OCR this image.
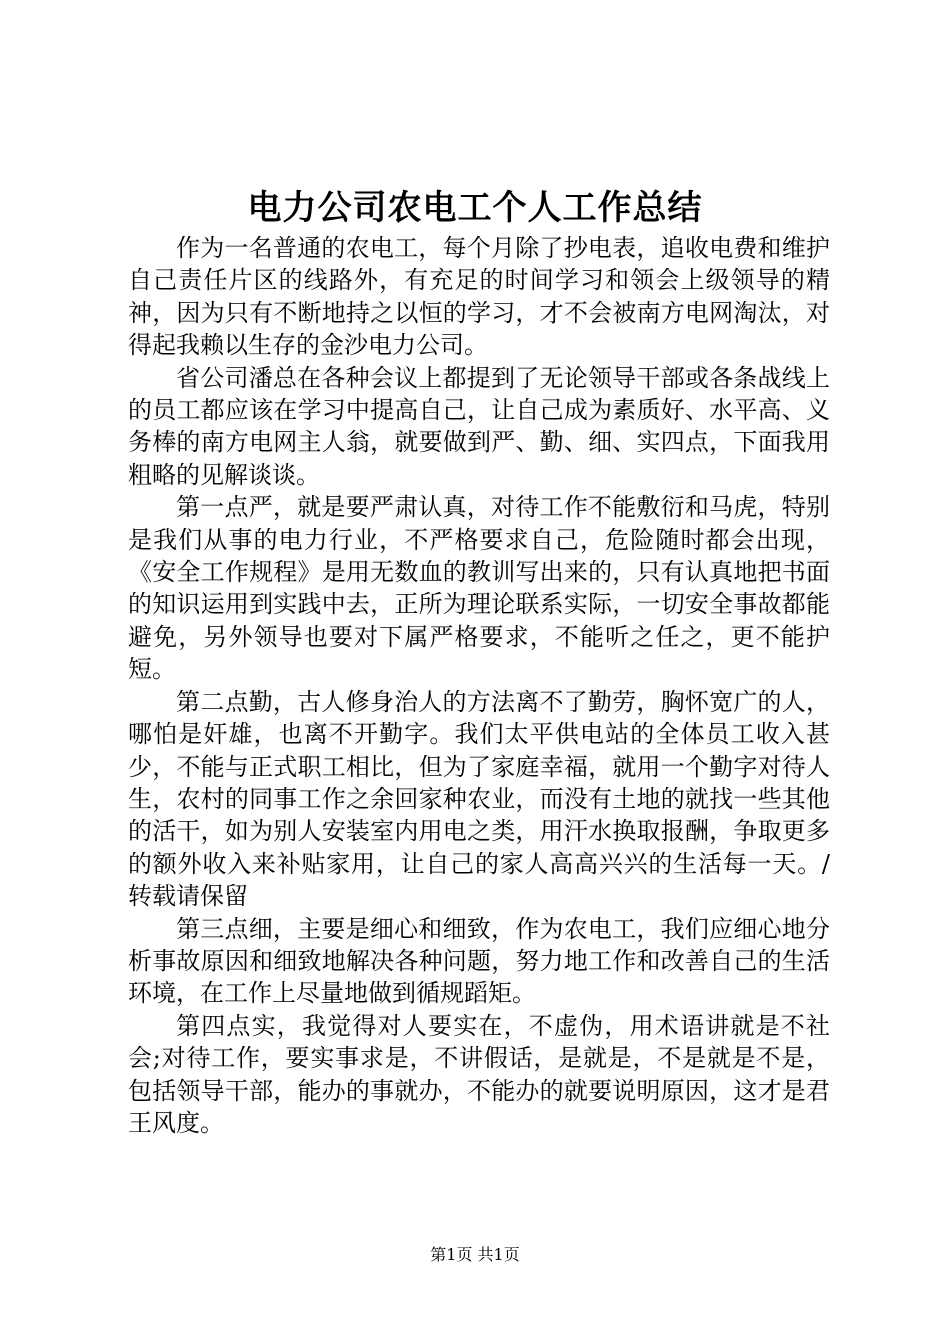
电力公司农电工个人工作总结

作为一名普通的农电工，每个月除了抄电表，追收电费和维护自己责任片区的线路外，有充足的时间学习和领会上级领导的精神，因为只有不断地持之以恒的学习，才不会被南方电网淘汰，对得起我赖以生存的金沙电力公司。

省公司潘总在各种会议上都提到了无论领导干部或各条战线上的员工都应该在学习中提高自己，让自己成为素质好、水平高、义务棒的南方电网主人翁，就要做到严、勤、细、实四点，下面我用粗略的见解谈谈。

第一点严，就是要严肃认真，对待工作不能敷衍和马虎，特别是我们从事的电力行业，不严格要求自己，危险随时都会出现，《安全工作规程》是用无数血的教训写出来的，只有认真地把书面的知识运用到实践中去，正所为理论联系实际，一切安全事故都能避免，另外领导也要对下属严格要求，不能听之任之，更不能护短。

第二点勤，古人修身治人的方法离不了勤劳，胸怀宽广的人，哪怕是奸雄，也离不开勤字。我们太平供电站的全体员工收入甚少，不能与正式职工相比，但为了家庭幸福，就用一个勤字对待人生，农村的同事工作之余回家种农业，而没有土地的就找一些其他的活干，如为别人安装室内用电之类，用汗水换取报酬，争取更多的额外收入来补贴家用，让自己的家人高高兴兴的生活每一天。/转载请保留

第三点细，主要是细心和细致，作为农电工，我们应细心地分析事故原因和细致地解决各种问题，努力地工作和改善自己的生活环境，在工作上尽量地做到循规蹈矩。

第四点实，我觉得对人要实在，不虚伪，用术语讲就是不社会;对待工作，要实事求是，不讲假话，是就是，不是就是不是，包括领导干部，能办的事就办，不能办的就要说明原因，这才是君王风度。

第1页 共1页
